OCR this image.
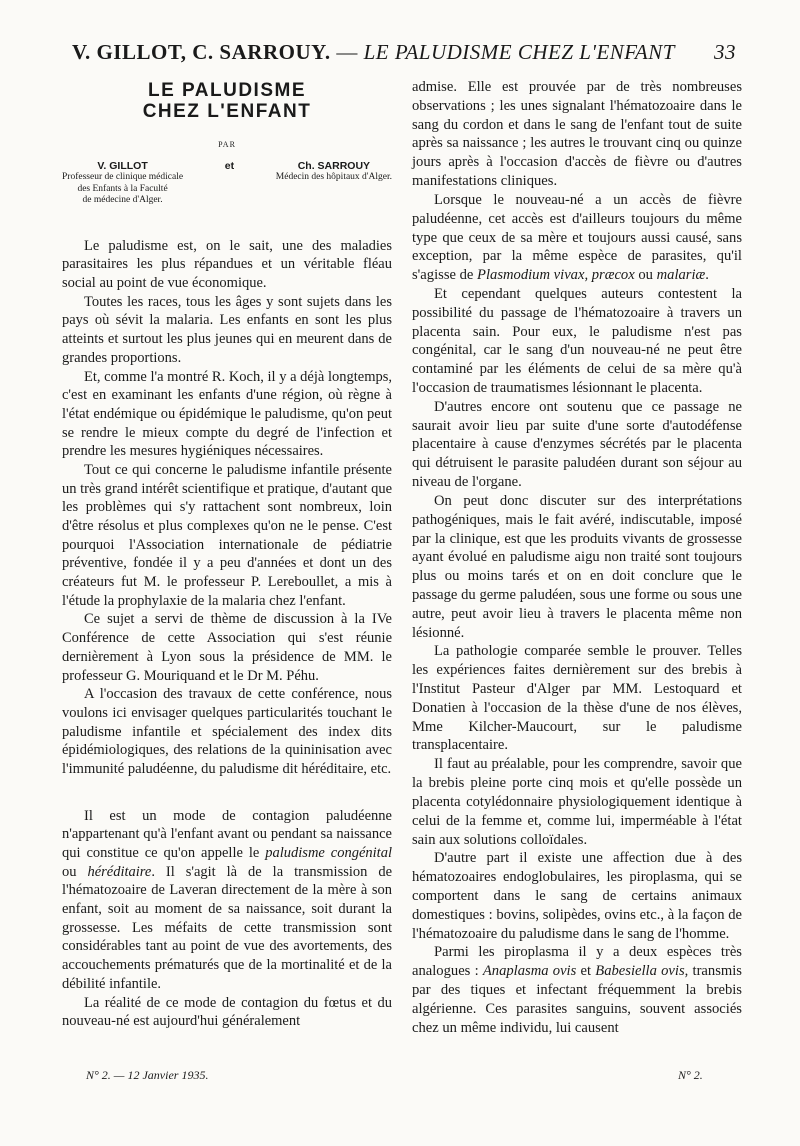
V. GILLOT, C. SARROUY. — LE PALUDISME CHEZ L'ENFANT 33
LE PALUDISME
CHEZ L'ENFANT
PAR
V. GILLOT
Professeur de clinique médicale
des Enfants à la Faculté
de médecine d'Alger.
et	Ch. SARROUY
Médecin des hôpitaux d'Alger.

Le paludisme est, on le sait, une des maladies parasitaires les plus répandues et un véritable fléau social au point de vue économique.

Toutes les races, tous les âges y sont sujets dans les pays où sévit la malaria. Les enfants en sont les plus atteints et surtout les plus jeunes qui en meurent dans de grandes proportions.

Et, comme l'a montré R. Koch, il y a déjà longtemps, c'est en examinant les enfants d'une région, où règne à l'état endémique ou épidémique le paludisme, qu'on peut se rendre le mieux compte du degré de l'infection et prendre les mesures hygiéniques nécessaires.

Tout ce qui concerne le paludisme infantile présente un très grand intérêt scientifique et pratique, d'autant que les problèmes qui s'y rattachent sont nombreux, loin d'être résolus et plus complexes qu'on ne le pense. C'est pourquoi l'Association internationale de pédiatrie préventive, fondée il y a peu d'années et dont un des créateurs fut M. le professeur P. Lereboullet, a mis à l'étude la prophylaxie de la malaria chez l'enfant.

Ce sujet a servi de thème de discussion à la IVe Conférence de cette Association qui s'est réunie dernièrement à Lyon sous la présidence de MM. le professeur G. Mouriquand et le Dr M. Péhu.

A l'occasion des travaux de cette conférence, nous voulons ici envisager quelques particularités touchant le paludisme infantile et spécialement des index dits épidémiologiques, des relations de la quininisation avec l'immunité paludéenne, du paludisme dit héréditaire, etc.

Il est un mode de contagion paludéenne n'appartenant qu'à l'enfant avant ou pendant sa naissance qui constitue ce qu'on appelle le paludisme congénital ou héréditaire. Il s'agit là de la transmission de l'hématozoaire de Laveran directement de la mère à son enfant, soit au moment de sa naissance, soit durant la grossesse. Les méfaits de cette transmission sont considérables tant au point de vue des avortements, des accouchements prématurés que de la mortinalité et de la débilité infantile.

La réalité de ce mode de contagion du fœtus et du nouveau-né est aujourd'hui généralement

admise. Elle est prouvée par de très nombreuses observations ; les unes signalant l'hématozoaire dans le sang du cordon et dans le sang de l'enfant tout de suite après sa naissance ; les autres le trouvant cinq ou quinze jours après à l'occasion d'accès de fièvre ou d'autres manifestations cliniques.

Lorsque le nouveau-né a un accès de fièvre paludéenne, cet accès est d'ailleurs toujours du même type que ceux de sa mère et toujours aussi causé, sans exception, par la même espèce de parasites, qu'il s'agisse de Plasmodium vivax, præcox ou malariæ.

Et cependant quelques auteurs contestent la possibilité du passage de l'hématozoaire à travers un placenta sain. Pour eux, le paludisme n'est pas congénital, car le sang d'un nouveau-né ne peut être contaminé par les éléments de celui de sa mère qu'à l'occasion de traumatismes lésionnant le placenta.

D'autres encore ont soutenu que ce passage ne saurait avoir lieu par suite d'une sorte d'autodéfense placentaire à cause d'enzymes sécrétés par le placenta qui détruisent le parasite paludéen durant son séjour au niveau de l'organe.

On peut donc discuter sur des interprétations pathogéniques, mais le fait avéré, indiscutable, imposé par la clinique, est que les produits vivants de grossesse ayant évolué en paludisme aigu non traité sont toujours plus ou moins tarés et on en doit conclure que le passage du germe paludéen, sous une forme ou sous une autre, peut avoir lieu à travers le placenta même non lésionné.

La pathologie comparée semble le prouver. Telles les expériences faites dernièrement sur des brebis à l'Institut Pasteur d'Alger par MM. Lestoquard et Donatien à l'occasion de la thèse d'une de nos élèves, Mme Kilcher-Maucourt, sur le paludisme transplacentaire.

Il faut au préalable, pour les comprendre, savoir que la brebis pleine porte cinq mois et qu'elle possède un placenta cotylédonnaire physiologiquement identique à celui de la femme et, comme lui, imperméable à l'état sain aux solutions colloïdales.

D'autre part il existe une affection due à des hématozoaires endoglobulaires, les piroplasma, qui se comportent dans le sang de certains animaux domestiques : bovins, solipèdes, ovins etc., à la façon de l'hématozoaire du paludisme dans le sang de l'homme.

Parmi les piroplasma il y a deux espèces très analogues : Anaplasma ovis et Babesiella ovis, transmis par des tiques et infectant fréquemment la brebis algérienne. Ces parasites sanguins, souvent associés chez un même individu, lui causent

N° 2. — 12 Janvier 1935.	N° 2.
